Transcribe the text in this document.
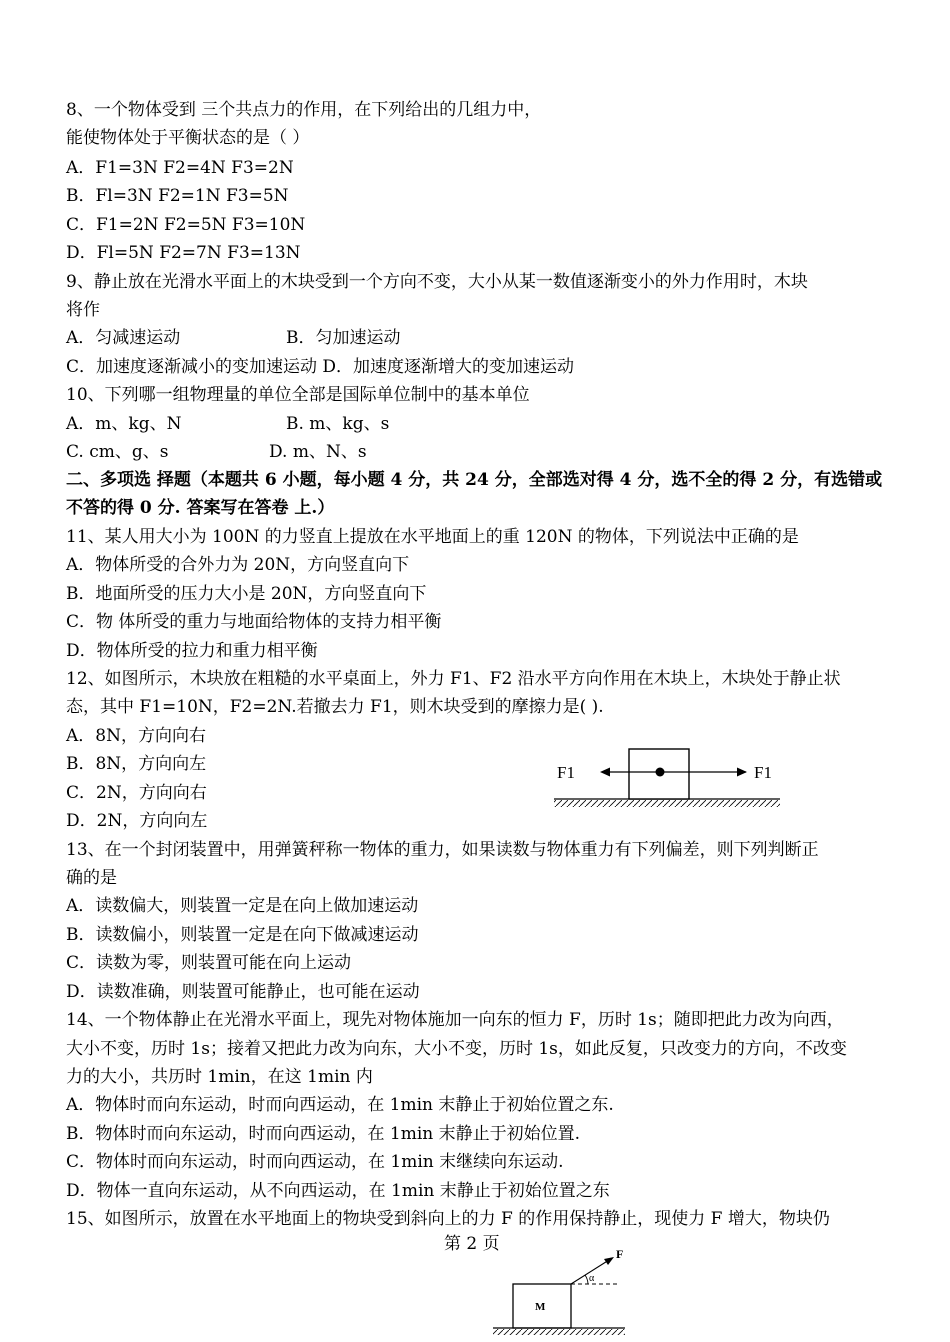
8、一个物体受到 三个共点力的作用，在下列给出的几组力中，
能使物体处于平衡状态的是（ ）
A．F1=3N F2=4N F3=2N
B．Fl=3N F2=1N F3=5N
C．F1=2N F2=5N F3=10N
D．Fl=5N F2=7N F3=13N
9、静止放在光滑水平面上的木块受到一个方向不变，大小从某一数值逐渐变小的外力作用时，木块
将作
A．匀减速运动	B．匀加速运动
C．加速度逐渐减小的变加速运动 D．加速度逐渐增大的变加速运动
10、下列哪一组物理量的单位全部是国际单位制中的基本单位
A．m、kg、N	B. m、kg、s
C. cm、g、s	D. m、N、s
二、多项选 择题（本题共 6 小题，每小题 4 分，共 24 分，全部选对得 4 分，选不全的得 2 分，有选错或
不答的得 0 分. 答案写在答卷 上.）
11、某人用大小为 100N 的力竖直上提放在水平地面上的重 120N 的物体，下列说法中正确的是
A．物体所受的合外力为 20N，方向竖直向下
B．地面所受的压力大小是 20N，方向竖直向下
C．物 体所受的重力与地面给物体的支持力相平衡
D．物体所受的拉力和重力相平衡
12、如图所示，木块放在粗糙的水平桌面上，外力 F1、F2 沿水平方向作用在木块上，木块处于静止状
态，其中 F1=10N，F2=2N.若撤去力 F1，则木块受到的摩擦力是( ).
A．8N，方向向右
B．8N，方向向左
C．2N，方向向右
D．2N，方向向左
F1	F1
13、在一个封闭装置中，用弹簧秤称一物体的重力，如果读数与物体重力有下列偏差，则下列判断正
确的是
A．读数偏大，则装置一定是在向上做加速运动
B．读数偏小，则装置一定是在向下做减速运动
C．读数为零，则装置可能在向上运动
D．读数准确，则装置可能静止，也可能在运动
14、一个物体静止在光滑水平面上，现先对物体施加一向东的恒力 F，历时 1s；随即把此力改为向西，
大小不变，历时 1s；接着又把此力改为向东，大小不变，历时 1s，如此反复，只改变力的方向，不改变
力的大小，共历时 1min，在这 1min 内
A．物体时而向东运动，时而向西运动，在 1min 末静止于初始位置之东.
B．物体时而向东运动，时而向西运动，在 1min 末静止于初始位置.
C．物体时而向东运动，时而向西运动，在 1min 末继续向东运动.
D．物体一直向东运动，从不向西运动，在 1min 末静止于初始位置之东
15、如图所示，放置在水平地面上的物块受到斜向上的力 F 的作用保持静止，现使力 F 增大，物块仍
第 2 页
M
F
α
